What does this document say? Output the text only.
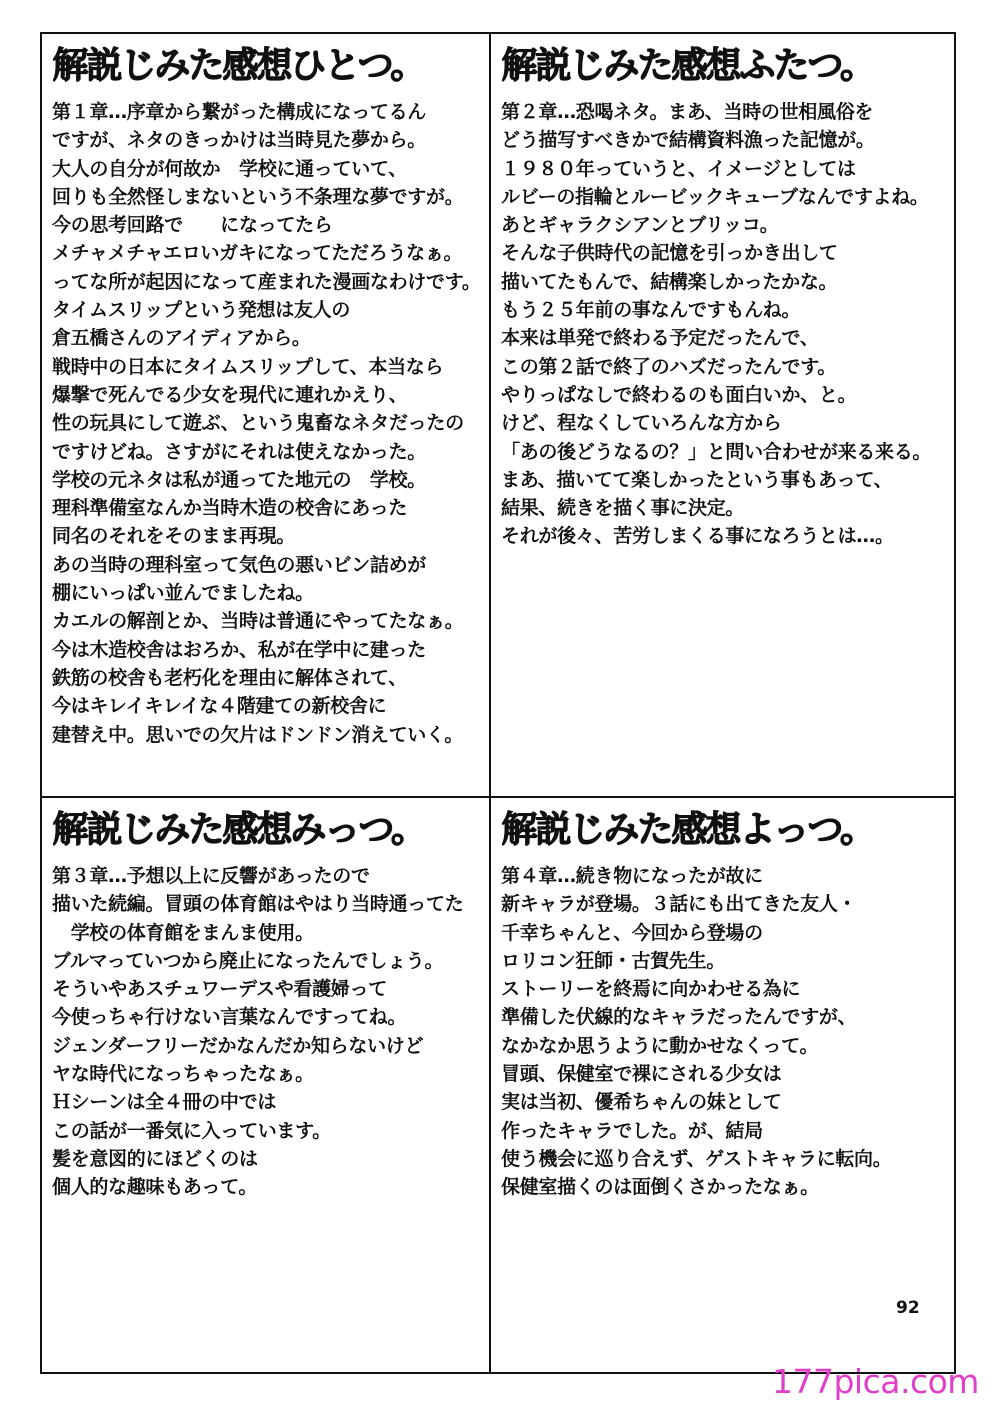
解説じみた感想ひとつ。
第１章…序章から繋がった構成になってるん
ですが、ネタのきっかけは当時見た夢から。
大人の自分が何故か　学校に通っていて、
回りも全然怪しまないという不条理な夢ですが。
今の思考回路で　　になってたら
メチャメチャエロいガキになってただろうなぁ。
ってな所が起因になって産まれた漫画なわけです。
タイムスリップという発想は友人の
倉五橋さんのアイディアから。
戦時中の日本にタイムスリップして、本当なら
爆撃で死んでる少女を現代に連れかえり、
性の玩具にして遊ぶ、という鬼畜なネタだったの
ですけどね。さすがにそれは使えなかった。
学校の元ネタは私が通ってた地元の　学校。
理科準備室なんか当時木造の校舎にあった
同名のそれをそのまま再現。
あの当時の理科室って気色の悪いビン詰めが
棚にいっぱい並んでましたね。
カエルの解剖とか、当時は普通にやってたなぁ。
今は木造校舎はおろか、私が在学中に建った
鉄筋の校舎も老朽化を理由に解体されて、
今はキレイキレイな４階建ての新校舎に
建替え中。思いでの欠片はドンドン消えていく。
解説じみた感想ふたつ。
第２章…恐喝ネタ。まあ、当時の世相風俗を
どう描写すべきかで結構資料漁った記憶が。
１９８０年っていうと、イメージとしては
ルビーの指輪とルービックキューブなんですよね。
あとギャラクシアンとブリッコ。
そんな子供時代の記憶を引っかき出して
描いてたもんで、結構楽しかったかな。
もう２５年前の事なんですもんね。
本来は単発で終わる予定だったんで、
この第２話で終了のハズだったんです。
やりっぱなしで終わるのも面白いか、と。
けど、程なくしていろんな方から
「あの後どうなるの？」と問い合わせが来る来る。
まあ、描いてて楽しかったという事もあって、
結果、続きを描く事に決定。
それが後々、苦労しまくる事になろうとは…。
解説じみた感想みっつ。
第３章…予想以上に反響があったので
描いた続編。冒頭の体育館はやはり当時通ってた
　学校の体育館をまんま使用。
ブルマっていつから廃止になったんでしょう。
そういやあスチュワーデスや看護婦って
今使っちゃ行けない言葉なんですってね。
ジェンダーフリーだかなんだか知らないけど
ヤな時代になっちゃったなぁ。
Ｈシーンは全４冊の中では
この話が一番気に入っています。
髪を意図的にほどくのは
個人的な趣味もあって。
解説じみた感想よっつ。
第４章…続き物になったが故に
新キャラが登場。３話にも出てきた友人・
千幸ちゃんと、今回から登場の
ロリコン狂師・古賀先生。
ストーリーを終焉に向かわせる為に
準備した伏線的なキャラだったんですが、
なかなか思うように動かせなくって。
冒頭、保健室で裸にされる少女は
実は当初、優希ちゃんの妹として
作ったキャラでした。が、結局
使う機会に巡り合えず、ゲストキャラに転向。
保健室描くのは面倒くさかったなぁ。
92
177pica.com
